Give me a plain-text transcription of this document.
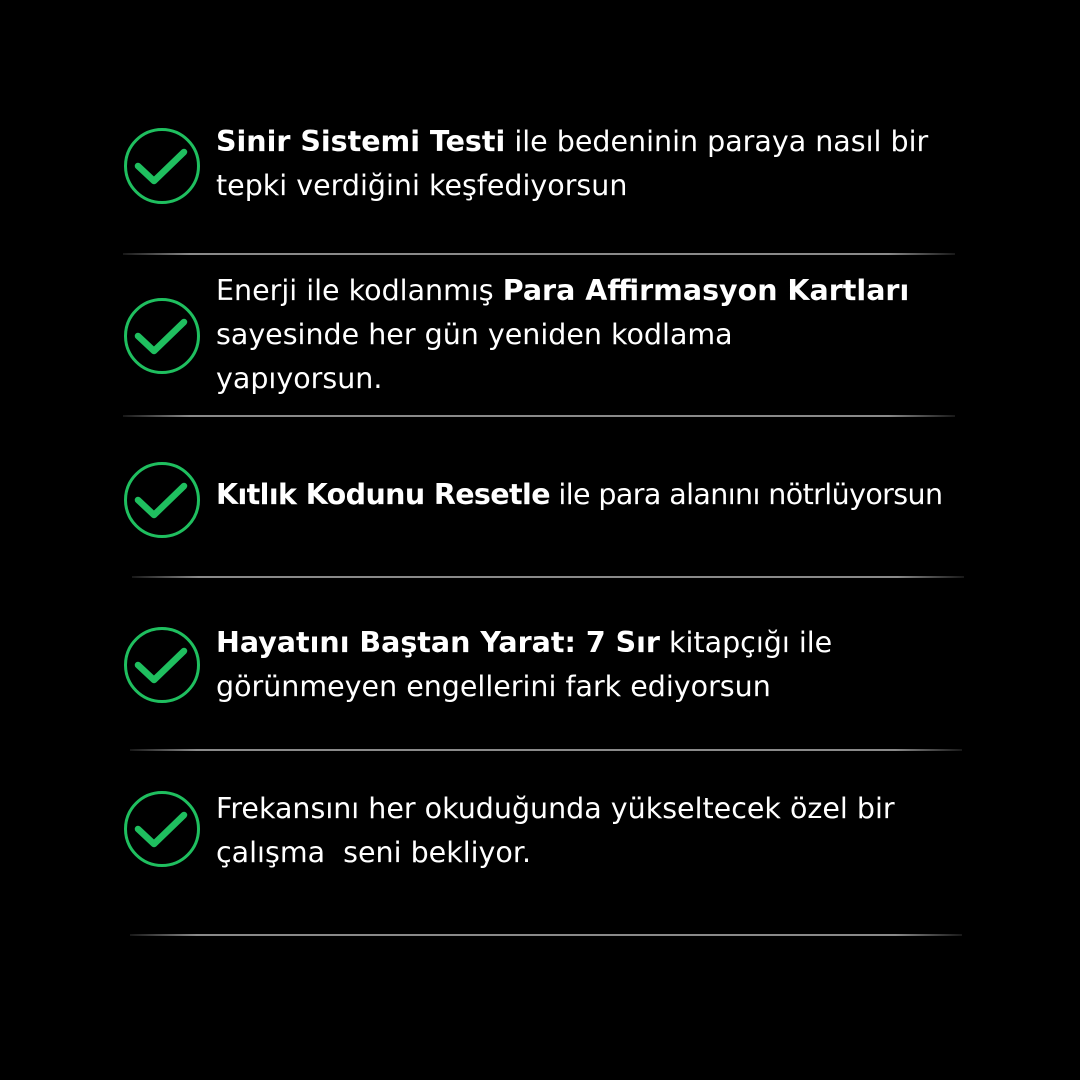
Sinir Sistemi Testi ile bedeninin paraya nasıl bir
tepki verdiğini keşfediyorsun
Enerji ile kodlanmış Para Affirmasyon Kartları
sayesinde her gün yeniden kodlama
yapıyorsun.
Kıtlık Kodunu Resetle ile para alanını nötrlüyorsun
Hayatını Baştan Yarat: 7 Sır kitapçığı ile
görünmeyen engellerini fark ediyorsun
Frekansını her okuduğunda yükseltecek özel bir
çalışma  seni bekliyor.
